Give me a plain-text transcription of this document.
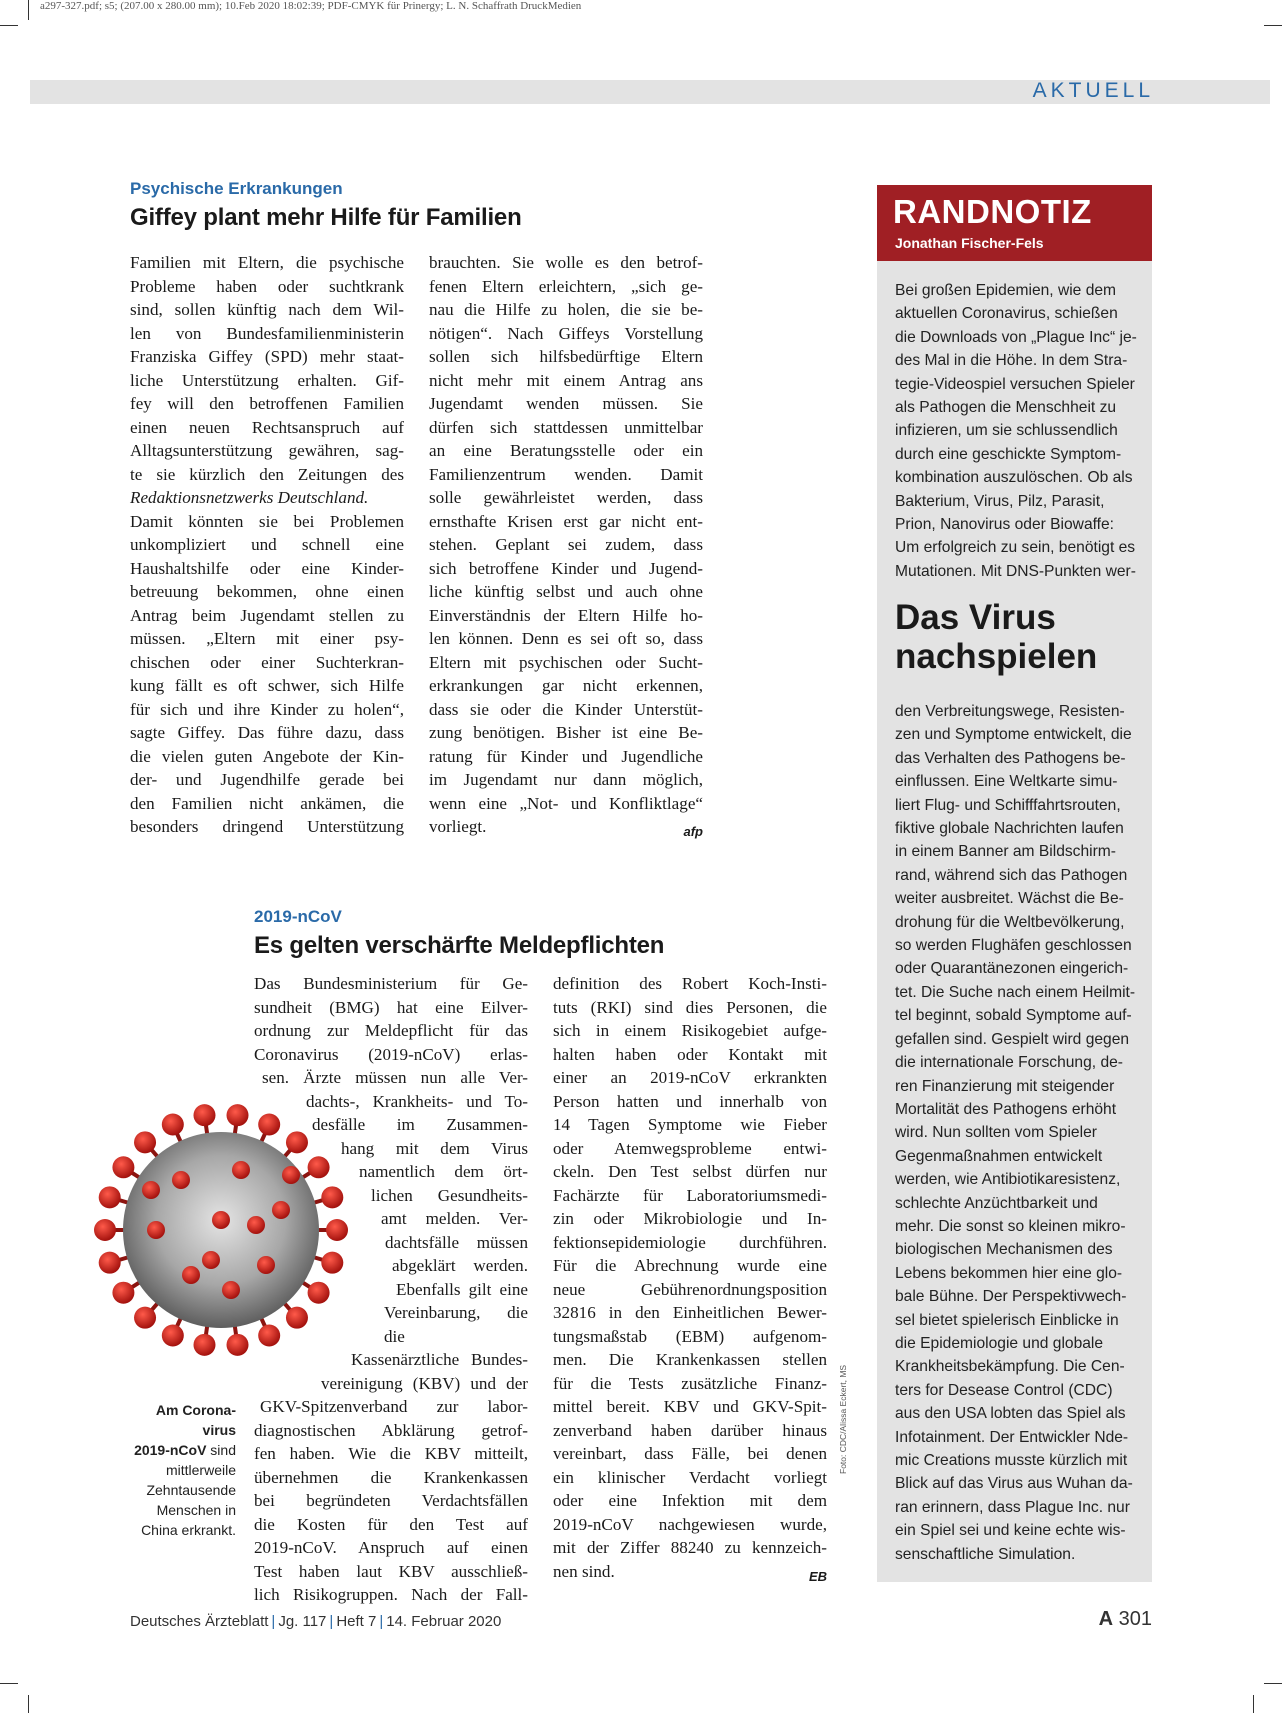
a297-327.pdf; s5; (207.00 x 280.00 mm); 10.Feb 2020 18:02:39; PDF-CMYK für Prinergy; L. N. Schaffrath DruckMedien
AKTUELL
Psychische Erkrankungen
Giffey plant mehr Hilfe für Familien
Familien mit Eltern, die psychische
Probleme haben oder suchtkrank
sind, sollen künftig nach dem Wil-
len von Bundesfamilienministerin
Franziska Giffey (SPD) mehr staat-
liche Unterstützung erhalten. Gif-
fey will den betroffenen Familien
einen neuen Rechtsanspruch auf
Alltagsunterstützung gewähren, sag-
te sie kürzlich den Zeitungen des
Redaktionsnetzwerks Deutschland.
Damit könnten sie bei Problemen
unkompliziert und schnell eine
Haushaltshilfe oder eine Kinder-
betreuung bekommen, ohne einen
Antrag beim Jugendamt stellen zu
müssen. „Eltern mit einer psy-
chischen oder einer Suchterkran-
kung fällt es oft schwer, sich Hilfe
für sich und ihre Kinder zu holen“,
sagte Giffey. Das führe dazu, dass
die vielen guten Angebote der Kin-
der- und Jugendhilfe gerade bei
den Familien nicht ankämen, die
besonders dringend Unterstützung
brauchten. Sie wolle es den betrof-
fenen Eltern erleichtern, „sich ge-
nau die Hilfe zu holen, die sie be-
nötigen“. Nach Giffeys Vorstellung
sollen sich hilfsbedürftige Eltern
nicht mehr mit einem Antrag ans
Jugendamt wenden müssen. Sie
dürfen sich stattdessen unmittelbar
an eine Beratungsstelle oder ein
Familienzentrum wenden. Damit
solle gewährleistet werden, dass
ernsthafte Krisen erst gar nicht ent-
stehen. Geplant sei zudem, dass
sich betroffene Kinder und Jugend-
liche künftig selbst und auch ohne
Einverständnis der Eltern Hilfe ho-
len können. Denn es sei oft so, dass
Eltern mit psychischen oder Sucht-
erkrankungen gar nicht erkennen,
dass sie oder die Kinder Unterstüt-
zung benötigen. Bisher ist eine Be-
ratung für Kinder und Jugendliche
im Jugendamt nur dann möglich,
wenn eine „Not- und Konfliktlage“
vorliegt.	afp
2019-nCoV
Es gelten verschärfte Meldepflichten
Das Bundesministerium für Ge-
sundheit (BMG) hat eine Eilver-
ordnung zur Meldepflicht für das
Coronavirus (2019-nCoV) erlas-
sen. Ärzte müssen nun alle Ver-
dachts-, Krankheits- und To-
desfälle im Zusammen-
hang mit dem Virus
namentlich dem ört-
lichen Gesundheits-
amt melden. Ver-
dachtsfälle müssen
abgeklärt werden.
Ebenfalls gilt eine
Vereinbarung, die die
Kassenärztliche Bundes-
vereinigung (KBV) und der
GKV-Spitzenverband zur labor-
diagnostischen Abklärung getrof-
fen haben. Wie die KBV mitteilt,
übernehmen die Krankenkassen
bei begründeten Verdachtsfällen
die Kosten für den Test auf
2019-nCoV. Anspruch auf einen
Test haben laut KBV ausschließ-
lich Risikogruppen. Nach der Fall-
definition des Robert Koch-Insti-
tuts (RKI) sind dies Personen, die
sich in einem Risikogebiet aufge-
halten haben oder Kontakt mit
einer an 2019-nCoV erkrankten
Person hatten und innerhalb von
14 Tagen Symptome wie Fieber
oder Atemwegsprobleme entwi-
ckeln. Den Test selbst dürfen nur
Fachärzte für Laboratoriumsmedi-
zin oder Mikrobiologie und In-
fektionsepidemiologie durchführen.
Für die Abrechnung wurde eine
neue Gebührenordnungsposition
32816 in den Einheitlichen Bewer-
tungsmaßstab (EBM) aufgenom-
men. Die Krankenkassen stellen
für die Tests zusätzliche Finanz-
mittel bereit. KBV und GKV-Spit-
zenverband haben darüber hinaus
vereinbart, dass Fälle, bei denen
ein klinischer Verdacht vorliegt
oder eine Infektion mit dem
2019-nCoV nachgewiesen wurde,
mit der Ziffer 88240 zu kennzeich-
nen sind.	EB
Am Corona-
virus
2019-nCoV sind
mittlerweile
Zehntausende
Menschen in
China erkrankt.
Foto: CDC/Alissa Eckert, MS
RANDNOTIZ
Jonathan Fischer-Fels
Bei großen Epidemien, wie dem
aktuellen Coronavirus, schießen
die Downloads von „Plague Inc“ je-
des Mal in die Höhe. In dem Stra-
tegie-Videospiel versuchen Spieler
als Pathogen die Menschheit zu
infizieren, um sie schlussendlich
durch eine geschickte Symptom-
kombination auszulöschen. Ob als
Bakterium, Virus, Pilz, Parasit,
Prion, Nanovirus oder Biowaffe:
Um erfolgreich zu sein, benötigt es
Mutationen. Mit DNS-Punkten wer-
Das Virus
nachspielen
den Verbreitungswege, Resisten-
zen und Symptome entwickelt, die
das Verhalten des Pathogens be-
einflussen. Eine Weltkarte simu-
liert Flug- und Schifffahrtsrouten,
fiktive globale Nachrichten laufen
in einem Banner am Bildschirm-
rand, während sich das Pathogen
weiter ausbreitet. Wächst die Be-
drohung für die Weltbevölkerung,
so werden Flughäfen geschlossen
oder Quarantänezonen eingerich-
tet. Die Suche nach einem Heilmit-
tel beginnt, sobald Symptome auf-
gefallen sind. Gespielt wird gegen
die internationale Forschung, de-
ren Finanzierung mit steigender
Mortalität des Pathogens erhöht
wird. Nun sollten vom Spieler
Gegenmaßnahmen entwickelt
werden, wie Antibiotikaresistenz,
schlechte Anzüchtbarkeit und
mehr. Die sonst so kleinen mikro-
biologischen Mechanismen des
Lebens bekommen hier eine glo-
bale Bühne. Der Perspektivwech-
sel bietet spielerisch Einblicke in
die Epidemiologie und globale
Krankheitsbekämpfung. Die Cen-
ters for Desease Control (CDC)
aus den USA lobten das Spiel als
Infotainment. Der Entwickler Nde-
mic Creations musste kürzlich mit
Blick auf das Virus aus Wuhan da-
ran erinnern, dass Plague Inc. nur
ein Spiel sei und keine echte wis-
senschaftliche Simulation.
Deutsches Ärzteblatt | Jg. 117 | Heft 7 | 14. Februar 2020	A 301
